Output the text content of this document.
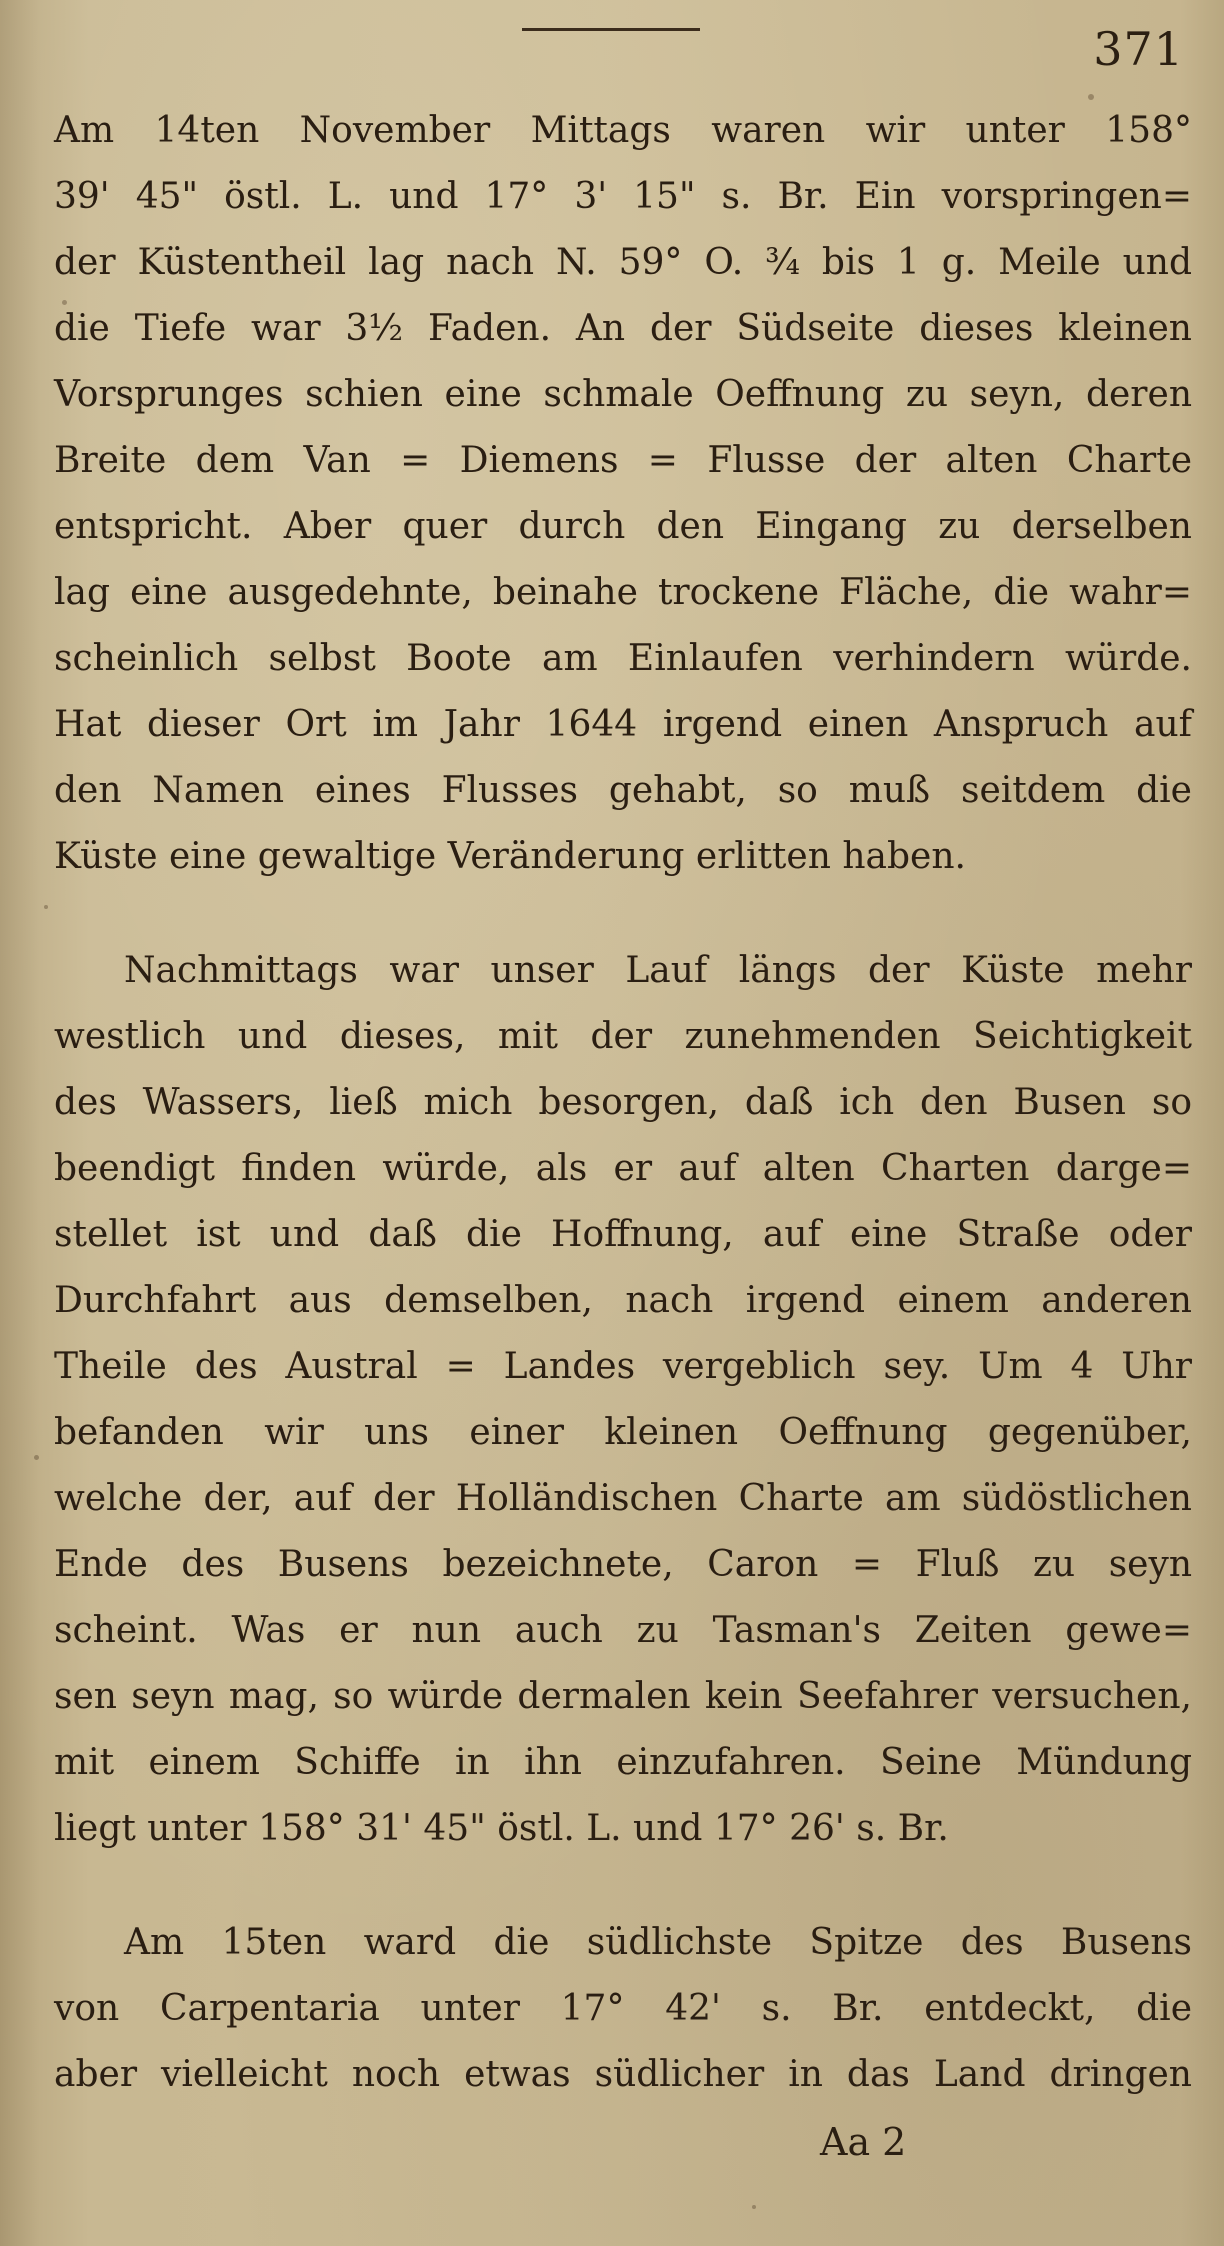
371
Am 14ten November Mittags waren wir unter 158°
39' 45" östl. L. und 17° 3' 15" s. Br. Ein vorspringen=
der Küstentheil lag nach N. 59° O. ¾ bis 1 g. Meile und
die Tiefe war 3½ Faden. An der Südseite dieses kleinen
Vorsprunges schien eine schmale Oeffnung zu seyn, deren
Breite dem Van = Diemens = Flusse der alten Charte
entspricht. Aber quer durch den Eingang zu derselben
lag eine ausgedehnte, beinahe trockene Fläche, die wahr=
scheinlich selbst Boote am Einlaufen verhindern würde.
Hat dieser Ort im Jahr 1644 irgend einen Anspruch auf
den Namen eines Flusses gehabt, so muß seitdem die
Küste eine gewaltige Veränderung erlitten haben.
Nachmittags war unser Lauf längs der Küste mehr
westlich und dieses, mit der zunehmenden Seichtigkeit
des Wassers, ließ mich besorgen, daß ich den Busen so
beendigt finden würde, als er auf alten Charten darge=
stellet ist und daß die Hoffnung, auf eine Straße oder
Durchfahrt aus demselben, nach irgend einem anderen
Theile des Austral = Landes vergeblich sey. Um 4 Uhr
befanden wir uns einer kleinen Oeffnung gegenüber,
welche der, auf der Holländischen Charte am südöstlichen
Ende des Busens bezeichnete, Caron = Fluß zu seyn
scheint. Was er nun auch zu Tasman's Zeiten gewe=
sen seyn mag, so würde dermalen kein Seefahrer versuchen,
mit einem Schiffe in ihn einzufahren. Seine Mündung
liegt unter 158° 31' 45" östl. L. und 17° 26' s. Br.
Am 15ten ward die südlichste Spitze des Busens
von Carpentaria unter 17° 42' s. Br. entdeckt, die
aber vielleicht noch etwas südlicher in das Land dringen
Aa 2
